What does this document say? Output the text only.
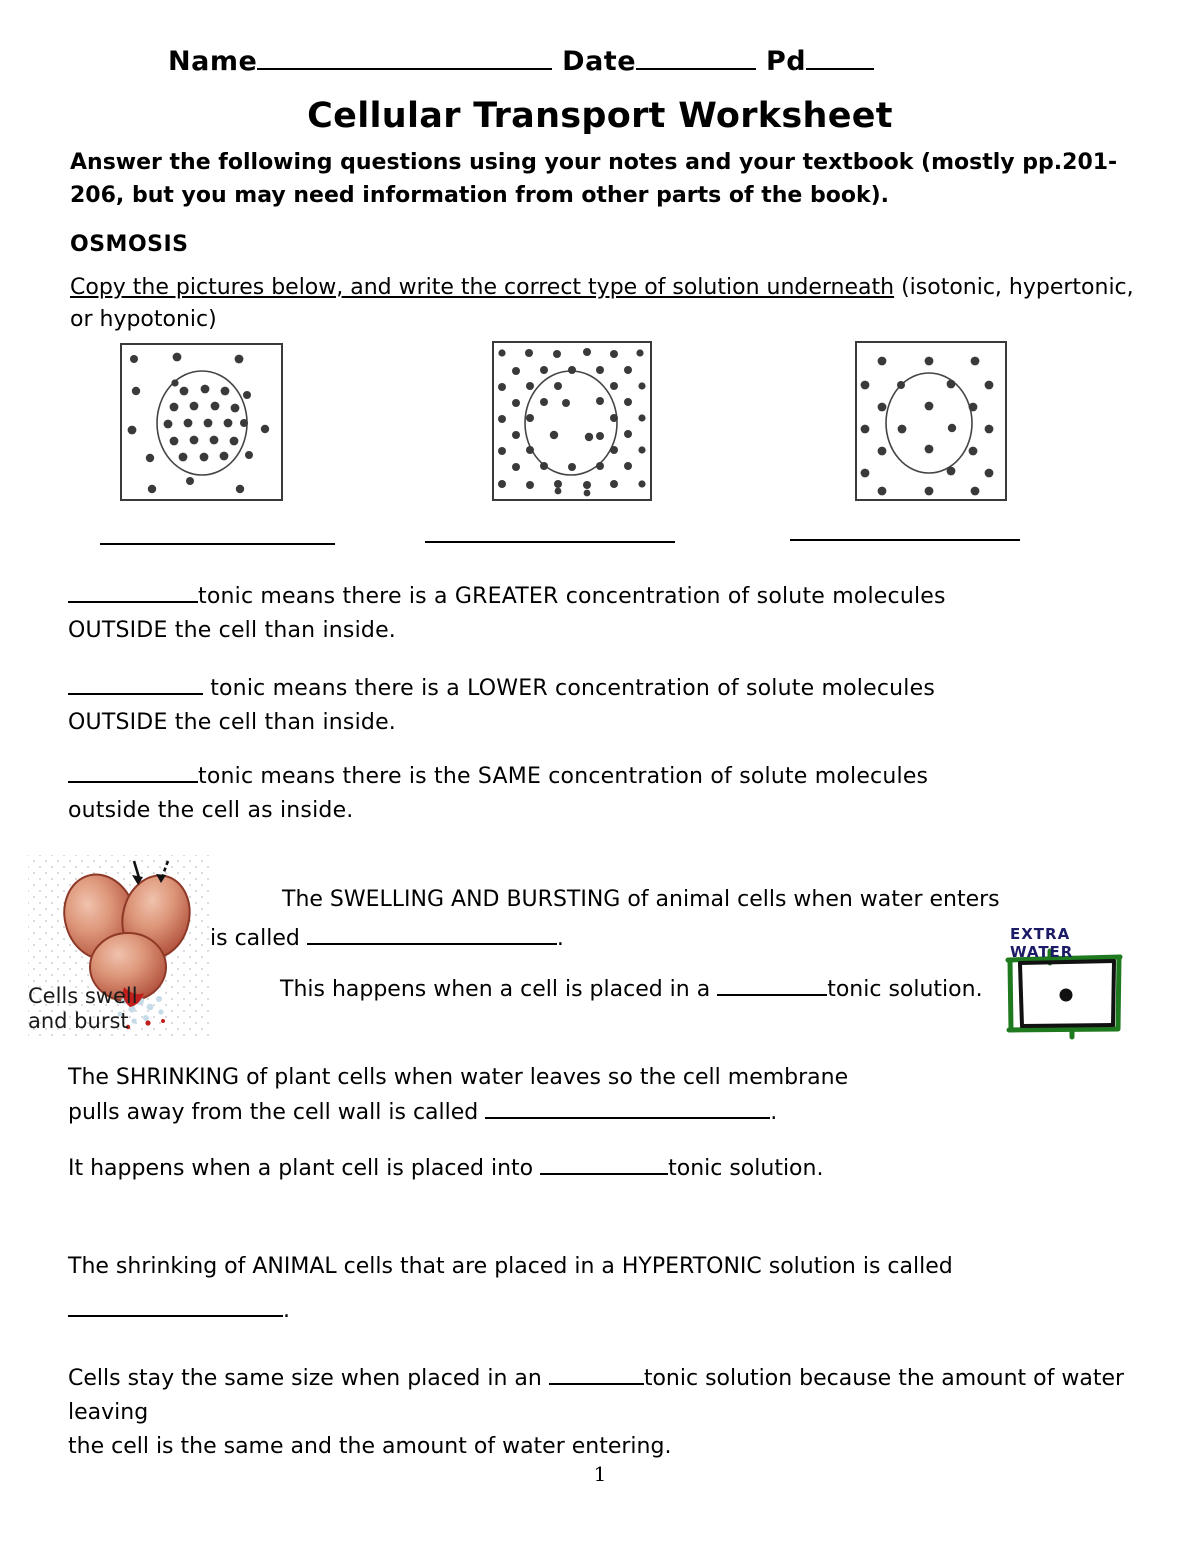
Name	Date	Pd
Cellular Transport Worksheet
Answer the following questions using your notes and your textbook (mostly pp.201-206, but you may need information from other parts of the book).
OSMOSIS
Copy the pictures below, and write the correct type of solution underneath (isotonic, hypertonic, or hypotonic)
tonic means there is a GREATER concentration of solute molecules
OUTSIDE the cell than inside.
tonic means there is a LOWER concentration of solute molecules
OUTSIDE the cell than inside.
tonic means there is the SAME concentration of solute molecules
outside the cell as inside.
Cells swell
and burst
The SWELLING AND BURSTING of animal cells when water enters
is called	.
This happens when a cell is placed in a	tonic solution.
EXTRA WATER
The SHRINKING of plant cells when water leaves so the cell membrane
pulls away from the cell wall is called	.
It happens when a plant cell is placed into	tonic solution.
The shrinking of ANIMAL cells that are placed in a HYPERTONIC solution is called
.
Cells stay the same size when placed in an	tonic solution because the amount of water leaving
the cell is the same and the amount of water entering.
1
